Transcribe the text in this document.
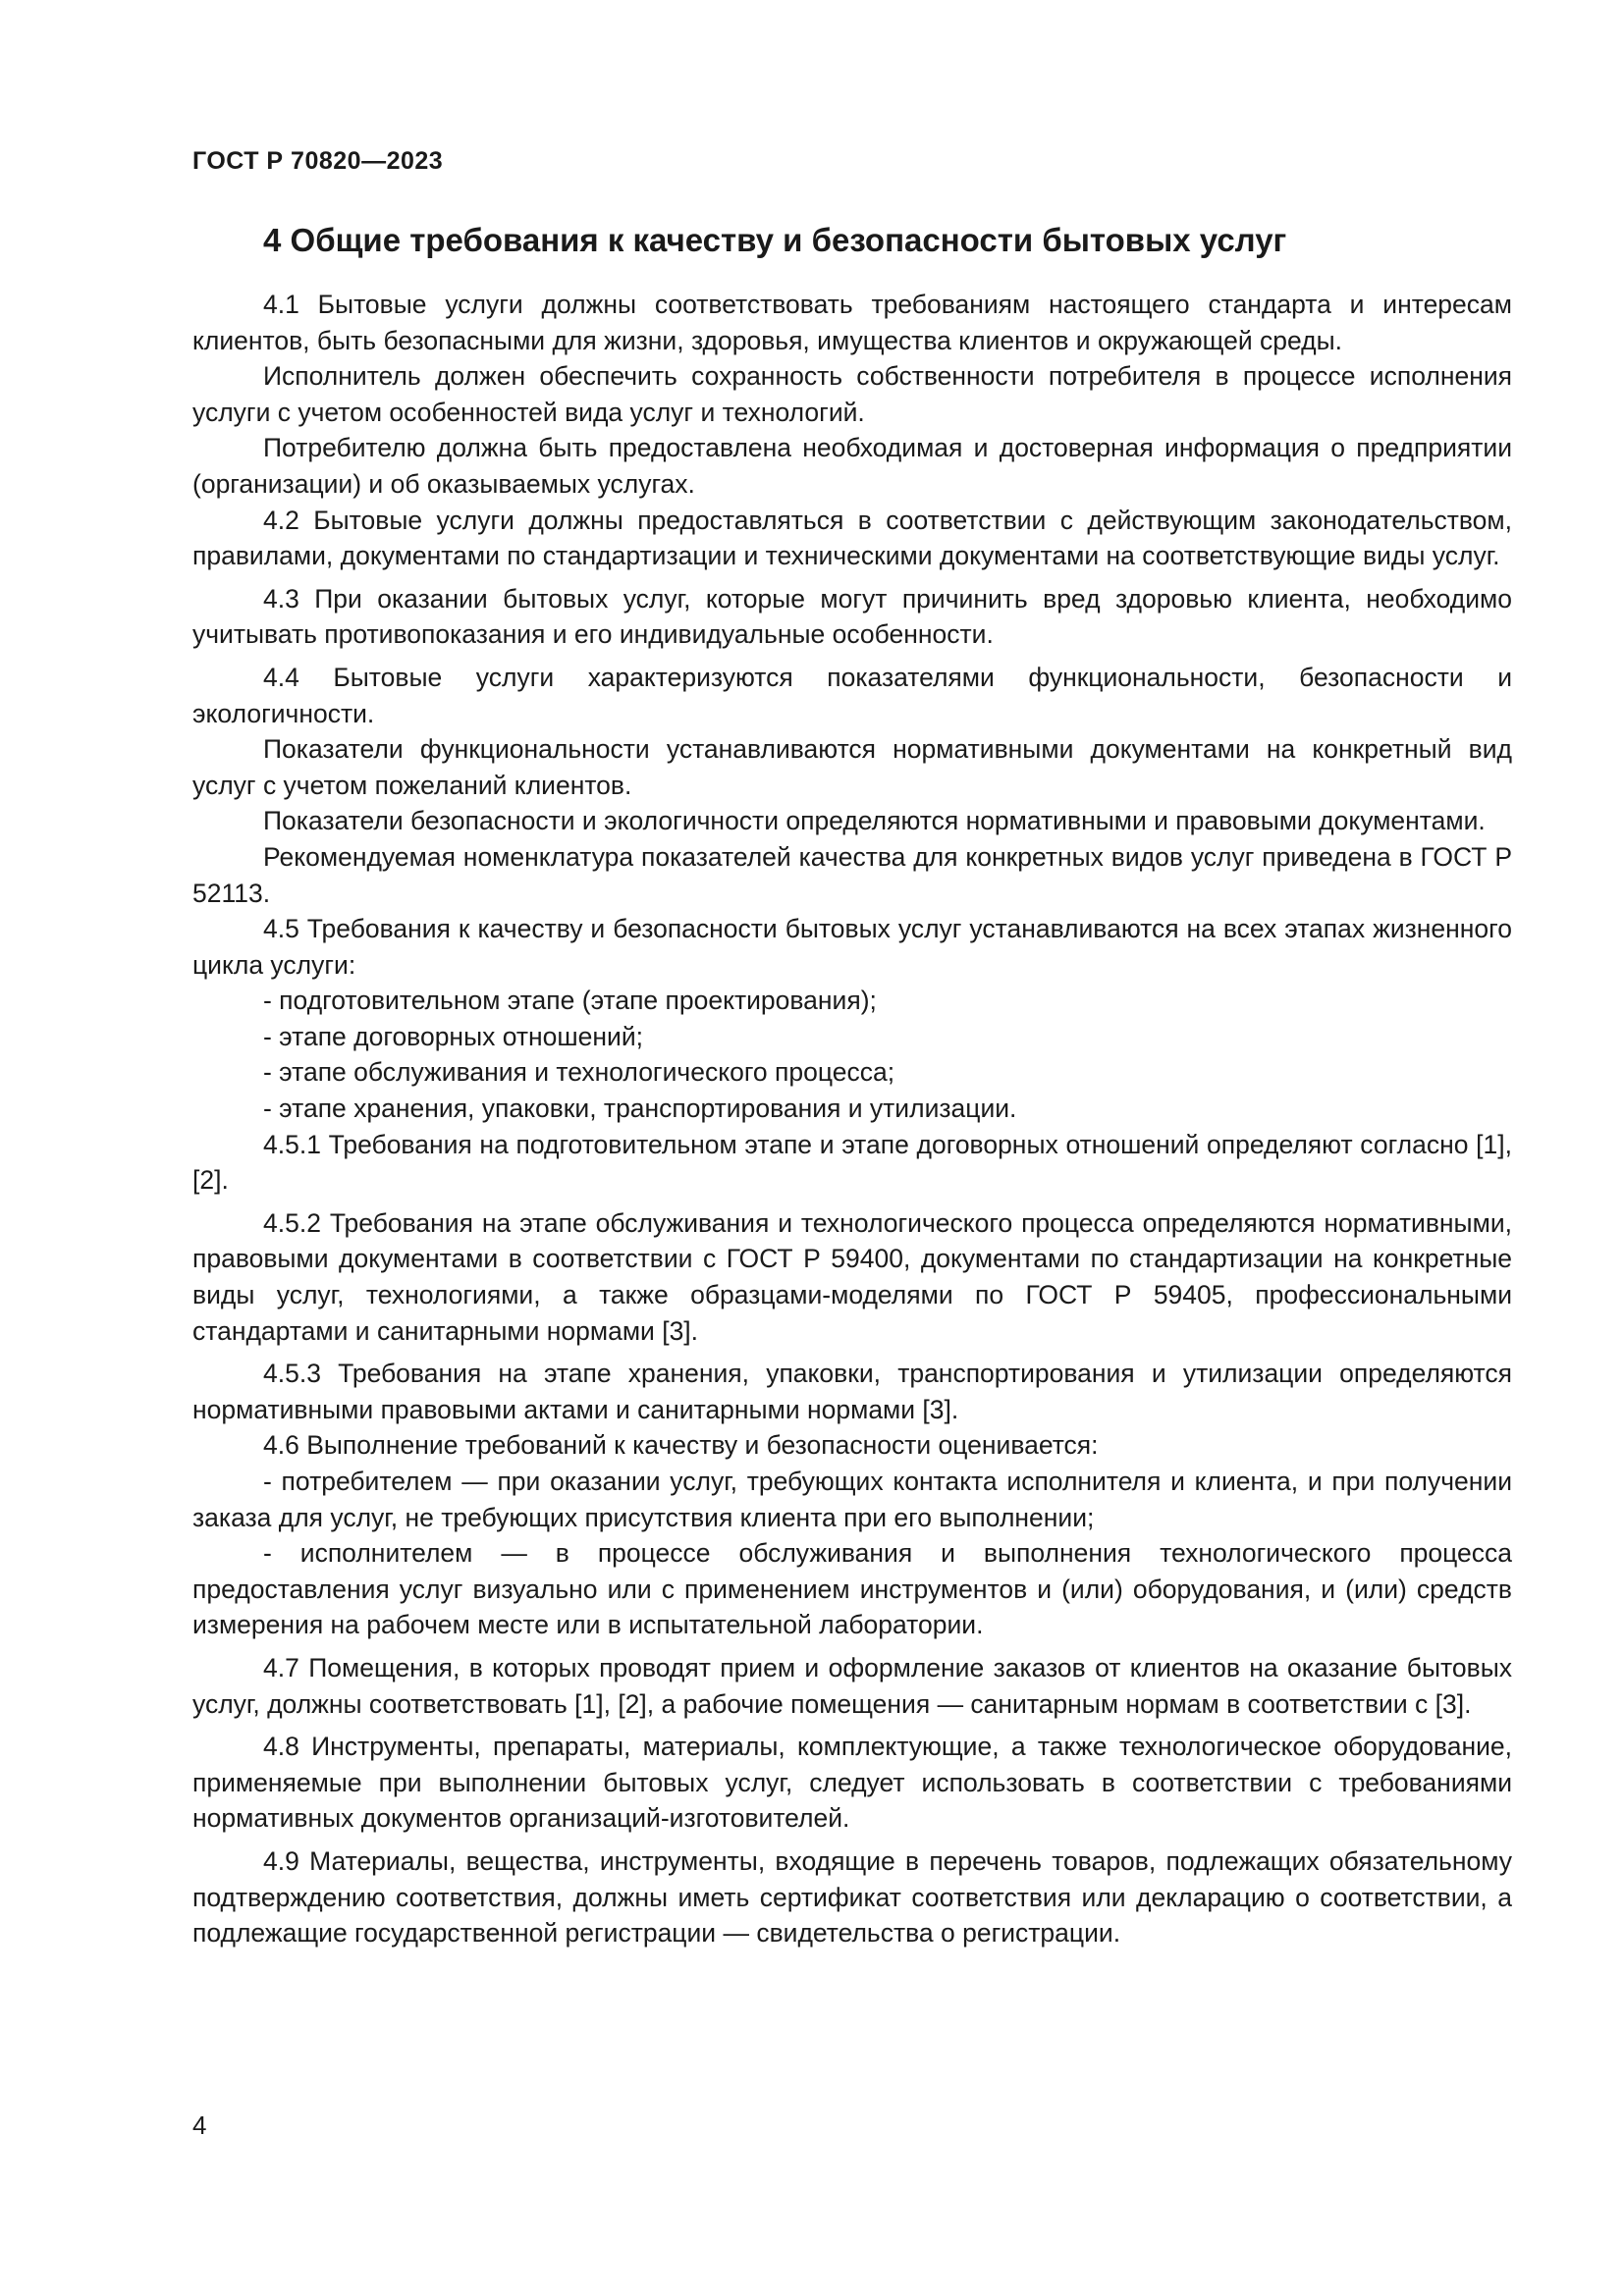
ГОСТ Р 70820—2023
4 Общие требования к качеству и безопасности бытовых услуг

4.1 Бытовые услуги должны соответствовать требованиям настоящего стандарта и интересам клиентов, быть безопасными для жизни, здоровья, имущества клиентов и окружающей среды.

Исполнитель должен обеспечить сохранность собственности потребителя в процессе исполнения услуги с учетом особенностей вида услуг и технологий.

Потребителю должна быть предоставлена необходимая и достоверная информация о предприятии (организации) и об оказываемых услугах.

4.2 Бытовые услуги должны предоставляться в соответствии с действующим законодательством, правилами, документами по стандартизации и техническими документами на соответствующие виды услуг.

4.3 При оказании бытовых услуг, которые могут причинить вред здоровью клиента, необходимо учитывать противопоказания и его индивидуальные особенности.

4.4 Бытовые услуги характеризуются показателями функциональности, безопасности и экологичности.

Показатели функциональности устанавливаются нормативными документами на конкретный вид услуг с учетом пожеланий клиентов.

Показатели безопасности и экологичности определяются нормативными и правовыми документами.

Рекомендуемая номенклатура показателей качества для конкретных видов услуг приведена в ГОСТ Р 52113.

4.5 Требования к качеству и безопасности бытовых услуг устанавливаются на всех этапах жизненного цикла услуги:

- подготовительном этапе (этапе проектирования);

- этапе договорных отношений;

- этапе обслуживания и технологического процесса;

- этапе хранения, упаковки, транспортирования и утилизации.

4.5.1 Требования на подготовительном этапе и этапе договорных отношений определяют согласно [1], [2].

4.5.2 Требования на этапе обслуживания и технологического процесса определяются нормативными, правовыми документами в соответствии с ГОСТ Р 59400, документами по стандартизации на конкретные виды услуг, технологиями, а также образцами-моделями по ГОСТ Р 59405, профессиональными стандартами и санитарными нормами [3].

4.5.3 Требования на этапе хранения, упаковки, транспортирования и утилизации определяются нормативными правовыми актами и санитарными нормами [3].

4.6 Выполнение требований к качеству и безопасности оценивается:

- потребителем — при оказании услуг, требующих контакта исполнителя и клиента, и при получении заказа для услуг, не требующих присутствия клиента при его выполнении;

- исполнителем — в процессе обслуживания и выполнения технологического процесса предоставления услуг визуально или с применением инструментов и (или) оборудования, и (или) средств измерения на рабочем месте или в испытательной лаборатории.

4.7 Помещения, в которых проводят прием и оформление заказов от клиентов на оказание бытовых услуг, должны соответствовать [1], [2], а рабочие помещения — санитарным нормам в соответствии с [3].

4.8 Инструменты, препараты, материалы, комплектующие, а также технологическое оборудование, применяемые при выполнении бытовых услуг, следует использовать в соответствии с требованиями нормативных документов организаций-изготовителей.

4.9 Материалы, вещества, инструменты, входящие в перечень товаров, подлежащих обязательному подтверждению соответствия, должны иметь сертификат соответствия или декларацию о соответствии, а подлежащие государственной регистрации — свидетельства о регистрации.

4
